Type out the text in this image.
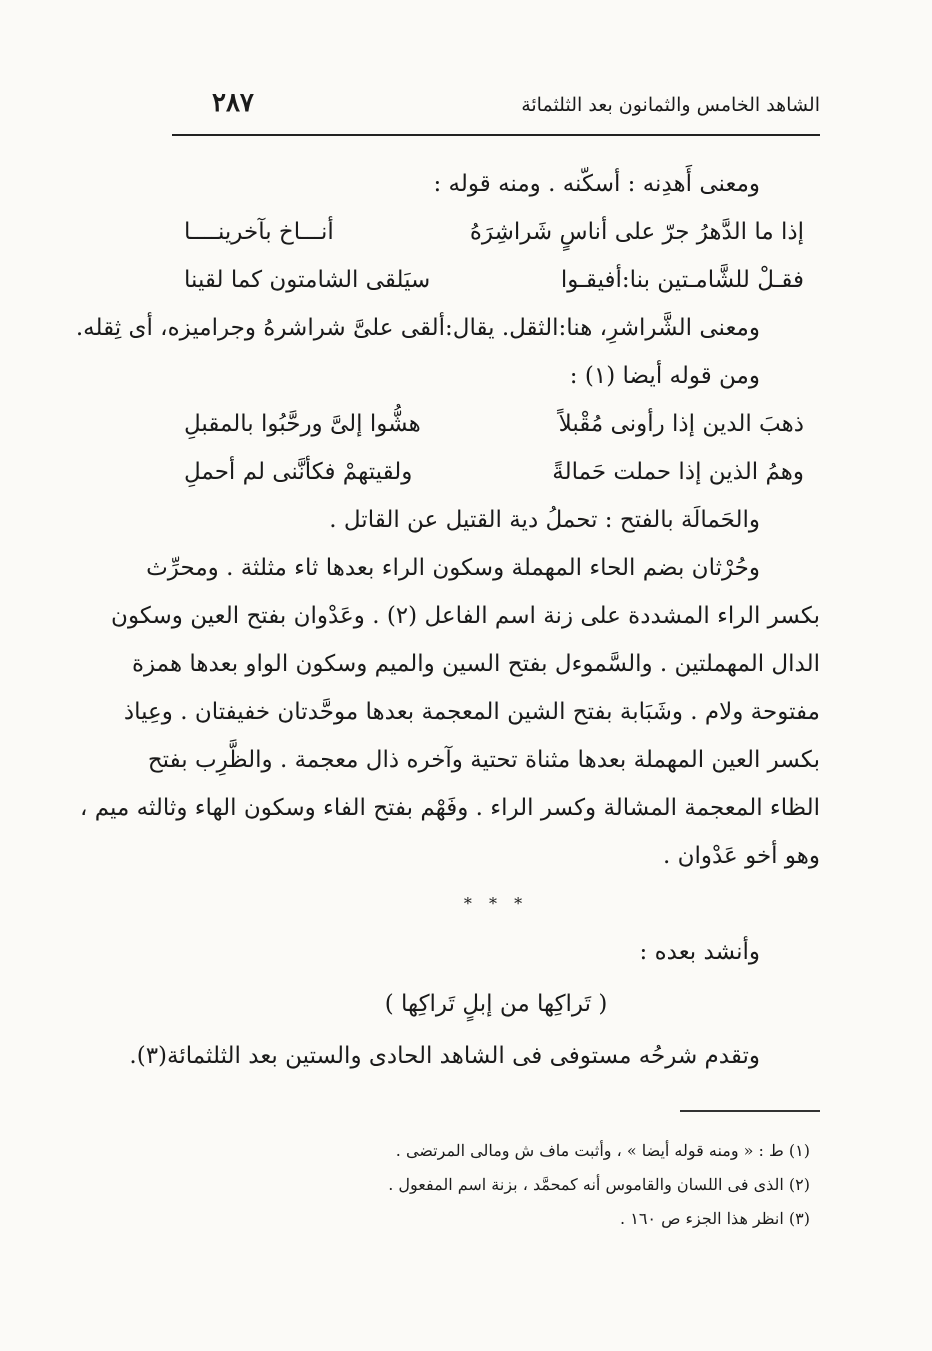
الشاهد الخامس والثمانون بعد الثلثمائة
٢٨٧
ومعنى أَهدِنه : أسكّنه . ومنه قوله :
إذا ما الدَّهرُ جرّ على أناسٍ شَراشِرَهُ
أنـــاخ بآخرينــــا
فقـلْ للشَّامـتين بنا:أفيقـوا
سيَلقى الشامتون كما لقينا
ومعنى الشَّراشرِ، هنا:الثقل. يقال:ألقى علىَّ شراشرهُ وجراميزه، أى ثِقله.
ومن قوله أيضا (١) :
ذهبَ الدين إذا رأونى مُقْبلاً
هشُّوا إلىَّ ورحَّبُوا بالمقبلِ
وهمُ الذين إذا حملت حَمالةً
ولقيتهمْ فكأنَّنى لم أحملِ
والحَمالَة بالفتح : تحملُ دية القتيل عن القاتل .
وحُرْثان بضم الحاء المهملة وسكون الراء بعدها ثاء مثلثة . ومحرِّث
بكسر الراء المشددة على زنة اسم الفاعل (٢) . وعَدْوان بفتح العين وسكون
الدال المهملتين . والسَّموءل بفتح السين والميم وسكون الواو بعدها همزة
مفتوحة ولام . وشَبَابة بفتح الشين المعجمة بعدها موحَّدتان خفيفتان . وعِياذ
بكسر العين المهملة بعدها مثناة تحتية وآخره ذال معجمة . والظَّرِب بفتح
الظاء المعجمة المشالة وكسر الراء . وفَهْم بفتح الفاء وسكون الهاء وثالثه ميم ،
وهو أخو عَدْوان .
* * *
وأنشد بعده :
( تَراكِها من إبلٍ تَراكِها )
وتقدم شرحُه مستوفى فى الشاهد الحادى والستين بعد الثلثمائة(٣).
(١) ط : « ومنه قوله أيضا » ، وأثبت ماف ش ومالى المرتضى .
(٢) الذى فى اللسان والقاموس أنه كمحمَّد ، بزنة اسم المفعول .
(٣) انظر هذا الجزء ص ١٦٠ .
